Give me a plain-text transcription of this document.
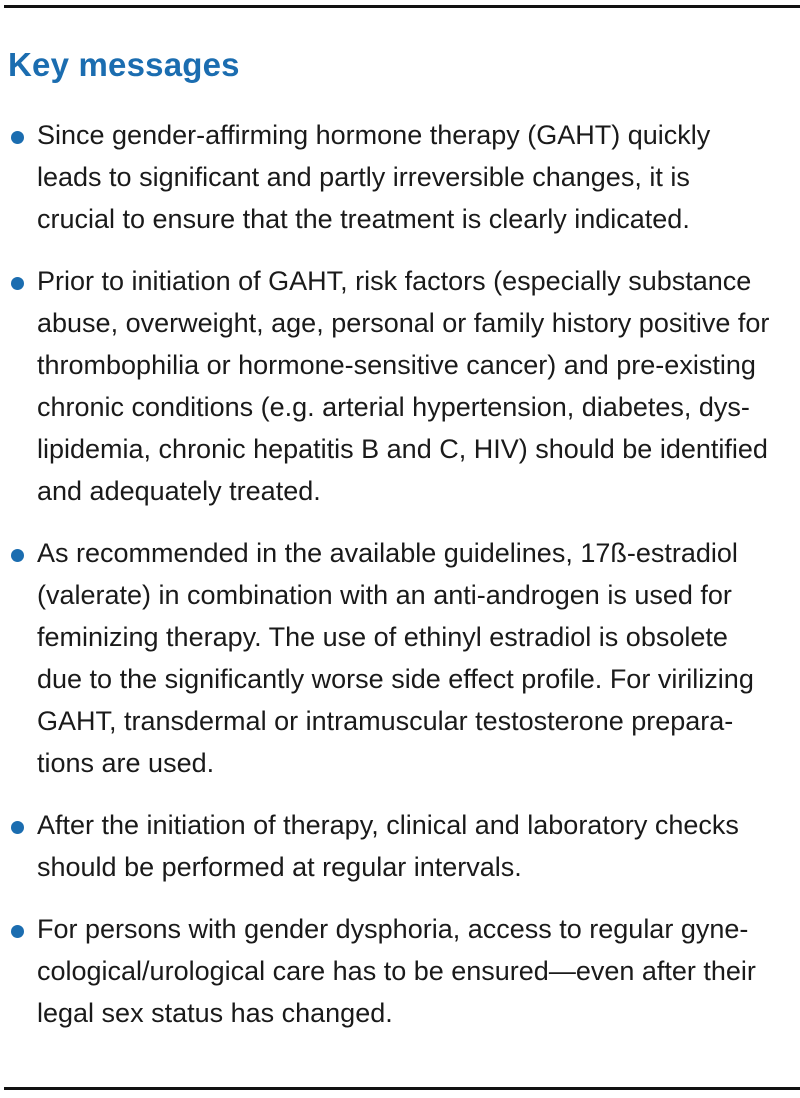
Key messages
Since gender-affirming hormone therapy (GAHT) quickly
leads to significant and partly irreversible changes, it is
crucial to ensure that the treatment is clearly indicated.
Prior to initiation of GAHT, risk factors (especially substance
abuse, overweight, age, personal or family history positive for
thrombophilia or hormone-sensitive cancer) and pre-existing
chronic conditions (e.g. arterial hypertension, diabetes, dys-
lipidemia, chronic hepatitis B and C, HIV) should be identified
and adequately treated.
As recommended in the available guidelines, 17ß-estradiol
(valerate) in combination with an anti-androgen is used for
feminizing therapy. The use of ethinyl estradiol is obsolete
due to the significantly worse side effect profile. For virilizing
GAHT, transdermal or intramuscular testosterone prepara-
tions are used.
After the initiation of therapy, clinical and laboratory checks
should be performed at regular intervals.
For persons with gender dysphoria, access to regular gyne-
cological/urological care has to be ensured—even after their
legal sex status has changed.
